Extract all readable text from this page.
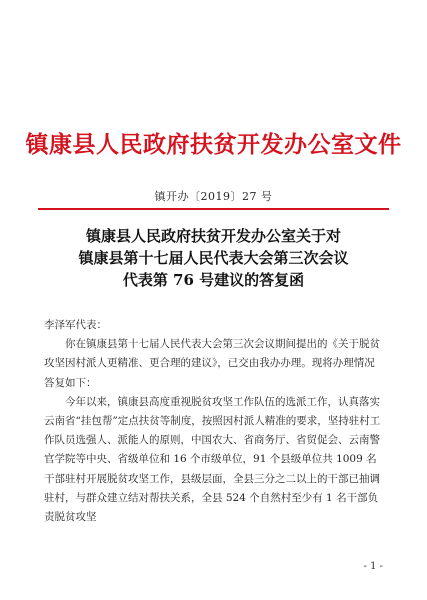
镇康县人民政府扶贫开发办公室文件
镇开办〔2019〕27 号
镇康县人民政府扶贫开发办公室关于对
镇康县第十七届人民代表大会第三次会议
代表第 76 号建议的答复函

李泽军代表：

你在镇康县第十七届人民代表大会第三次会议期间提出的《关于脱贫攻坚因村派人更精准、更合理的建议》，已交由我办办理。现将办理情况答复如下：

今年以来，镇康县高度重视脱贫攻坚工作队伍的选派工作，认真落实云南省“挂包帮”定点扶贫等制度，按照因村派人精准的要求，坚持驻村工作队员选强人、派能人的原则，中国农大、省商务厅、省贸促会、云南警官学院等中央、省级单位和 16 个市级单位，91 个县级单位共 1009 名干部驻村开展脱贫攻坚工作，县级层面，全县三分之二以上的干部已抽调驻村，与群众建立结对帮扶关系，全县 524 个自然村至少有 1 名干部负责脱贫攻坚

- 1 -
